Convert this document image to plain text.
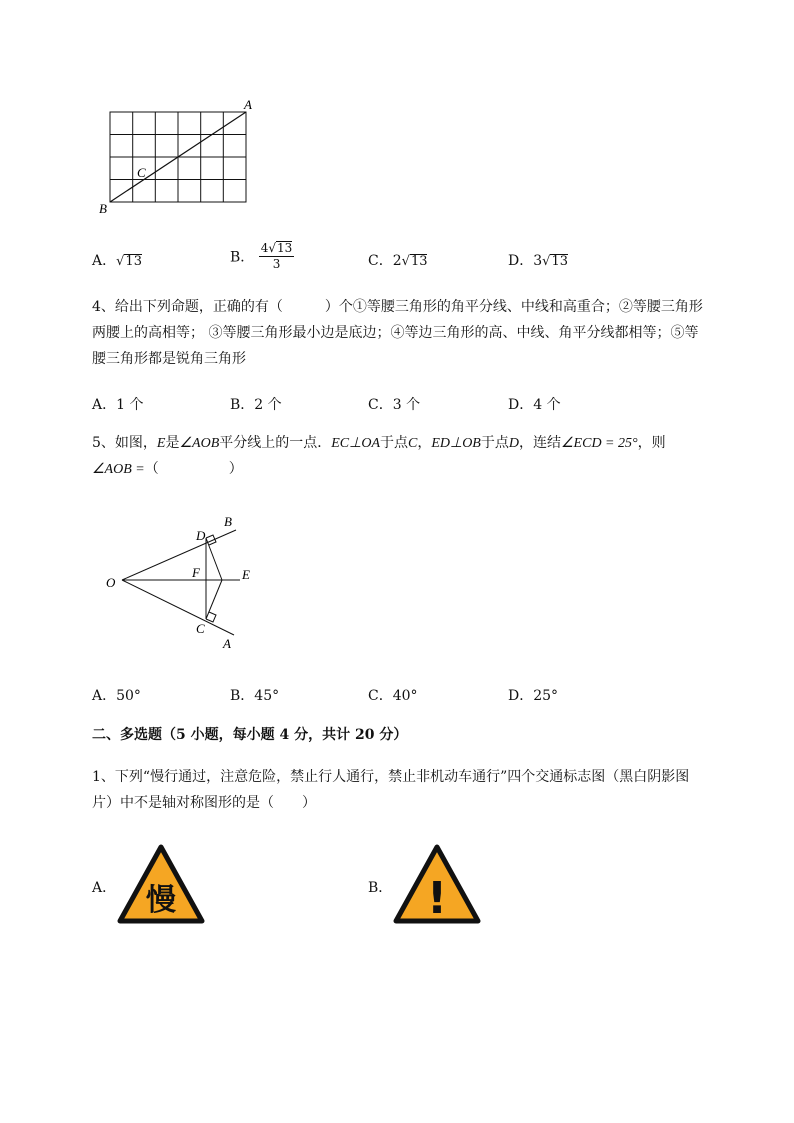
A
B
C
A．√13	B． $\frac{4√13}{3}$	C．2√13	D．3√13
4、给出下列命题，正确的有（　　　）个①等腰三角形的角平分线、中线和高重合；②等腰三角形
两腰上的高相等； ③等腰三角形最小边是底边；④等边三角形的高、中线、角平分线都相等；⑤等
腰三角形都是锐角三角形
A．1 个	B．2 个	C．3 个	D．4 个
5、如图，E是∠AOB平分线上的一点．EC⊥OA于点C，ED⊥OB于点D，连结∠ECD = 25°，则
∠AOB =（　　　　　）
B
D
O
F	E
C
A
A．50°	B．45°	C．40°	D．25°
二、多选题（5 小题，每小题 4 分，共计 20 分）
1、下列“慢行通过，注意危险，禁止行人通行，禁止非机动车通行”四个交通标志图（黑白阴影图
片）中不是轴对称图形的是（　　）
A． 慢	B． !
